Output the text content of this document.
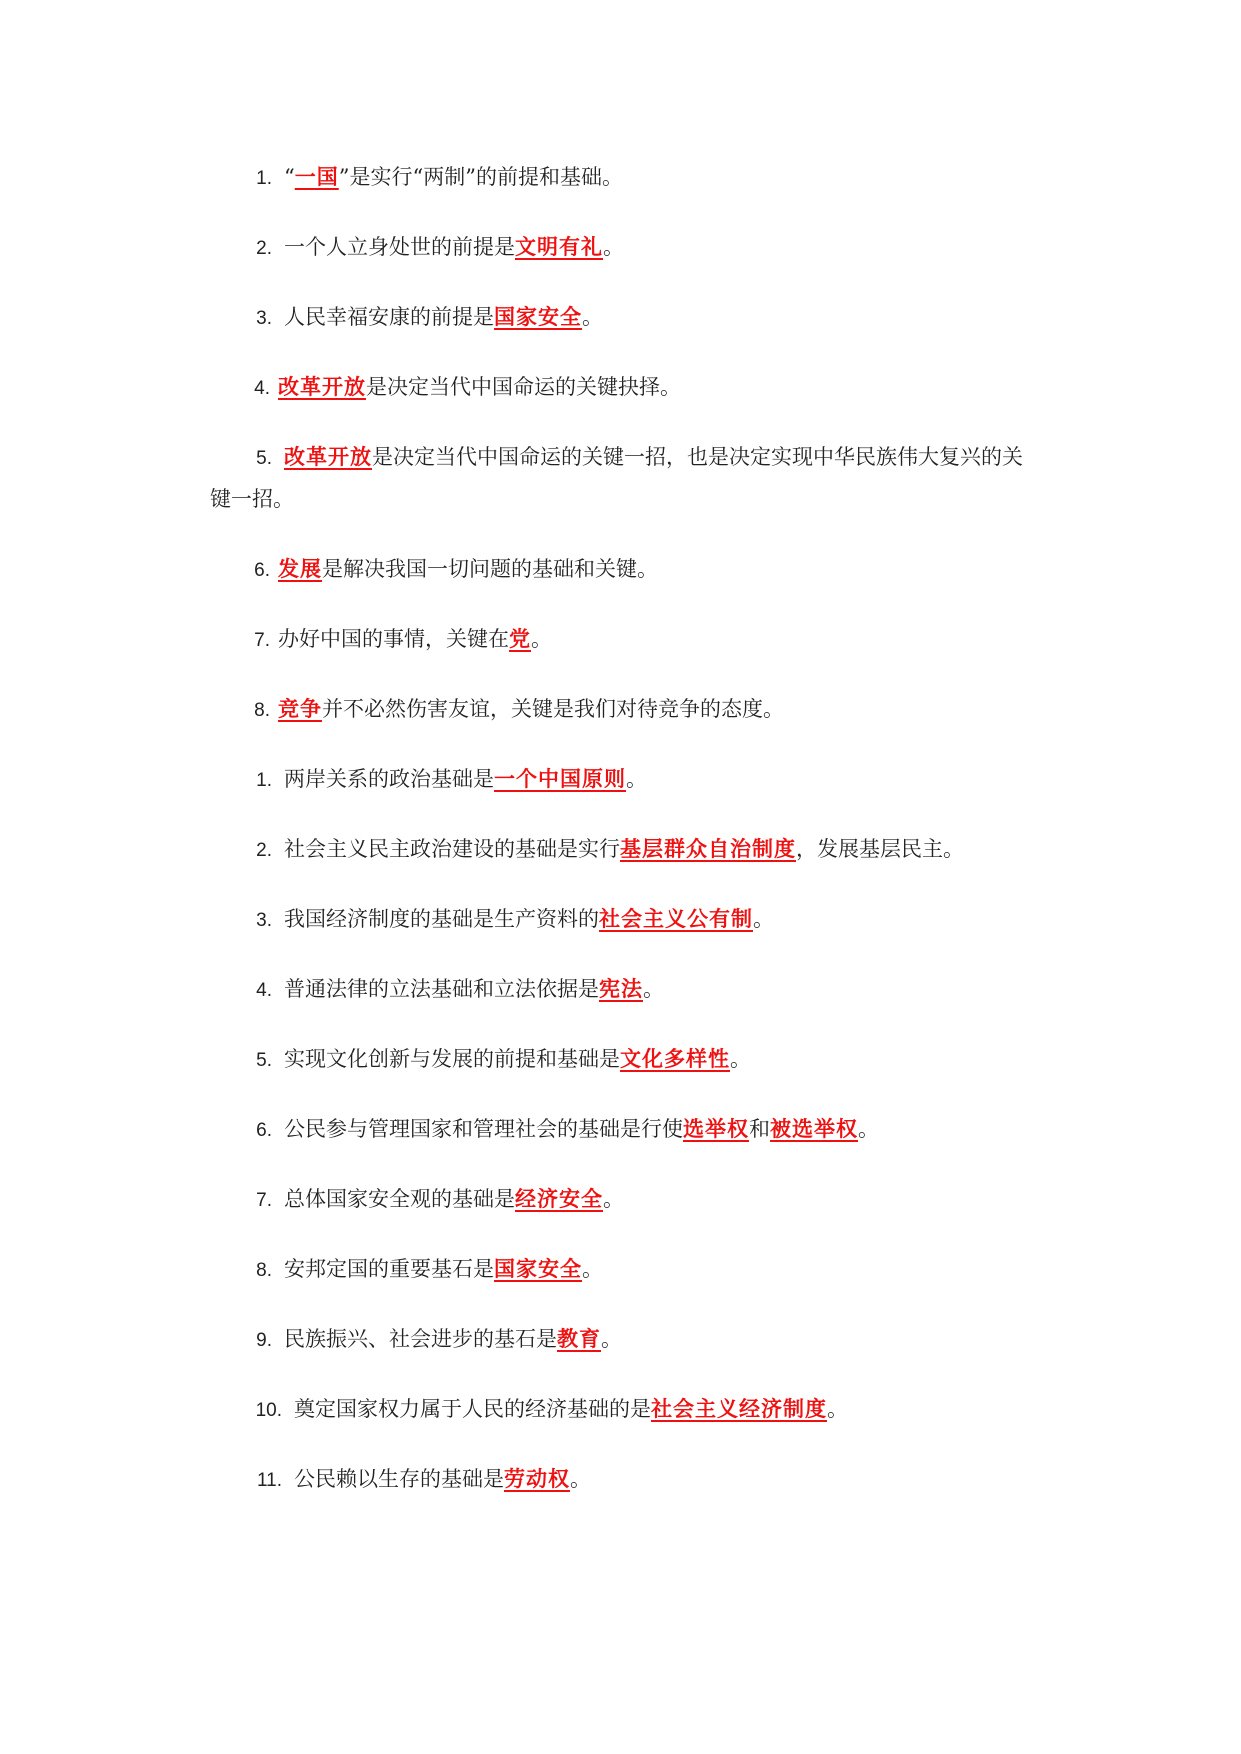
1. “一国”是实行“两制”的前提和基础。
2. 一个人立身处世的前提是文明有礼。
3. 人民幸福安康的前提是国家安全。
4. 改革开放是决定当代中国命运的关键抉择。
5. 改革开放是决定当代中国命运的关键一招，也是决定实现中华民族伟大复兴的关
键一招。
6. 发展是解决我国一切问题的基础和关键。
7. 办好中国的事情，关键在党。
8. 竞争并不必然伤害友谊，关键是我们对待竞争的态度。
1. 两岸关系的政治基础是一个中国原则。
2. 社会主义民主政治建设的基础是实行基层群众自治制度，发展基层民主。
3. 我国经济制度的基础是生产资料的社会主义公有制。
4. 普通法律的立法基础和立法依据是宪法。
5. 实现文化创新与发展的前提和基础是文化多样性。
6. 公民参与管理国家和管理社会的基础是行使选举权和被选举权。
7. 总体国家安全观的基础是经济安全。
8. 安邦定国的重要基石是国家安全。
9. 民族振兴、社会进步的基石是教育。
10. 奠定国家权力属于人民的经济基础的是社会主义经济制度。
11. 公民赖以生存的基础是劳动权。
